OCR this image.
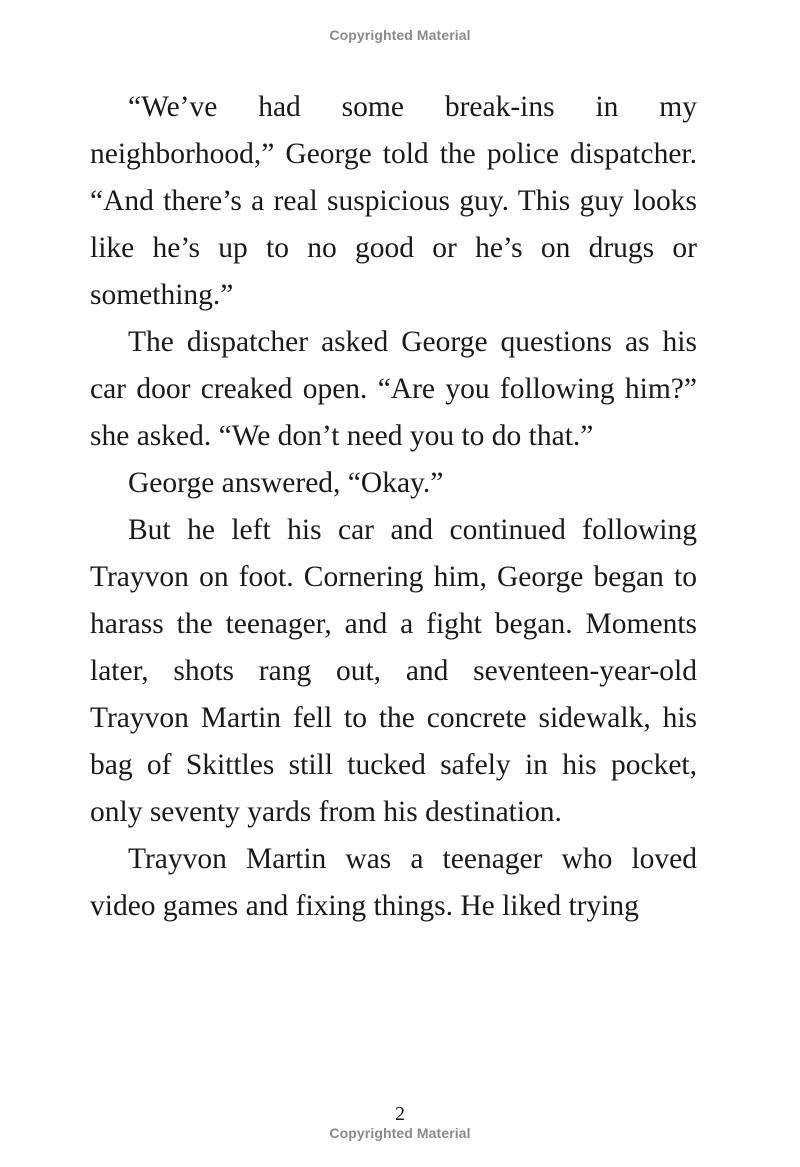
Copyrighted Material

“We’ve had some break-ins in my neighborhood,” George told the police dispatcher. “And there’s a real suspicious guy. This guy looks like he’s up to no good or he’s on drugs or something.”

The dispatcher asked George questions as his car door creaked open. “Are you following him?” she asked. “We don’t need you to do that.”

George answered, “Okay.”

But he left his car and continued following Trayvon on foot. Cornering him, George began to harass the teenager, and a fight began. Moments later, shots rang out, and seventeen-year-old Trayvon Martin fell to the concrete sidewalk, his bag of Skittles still tucked safely in his pocket, only seventy yards from his destination.

Trayvon Martin was a teenager who loved video games and fixing things. He liked trying

2
Copyrighted Material
